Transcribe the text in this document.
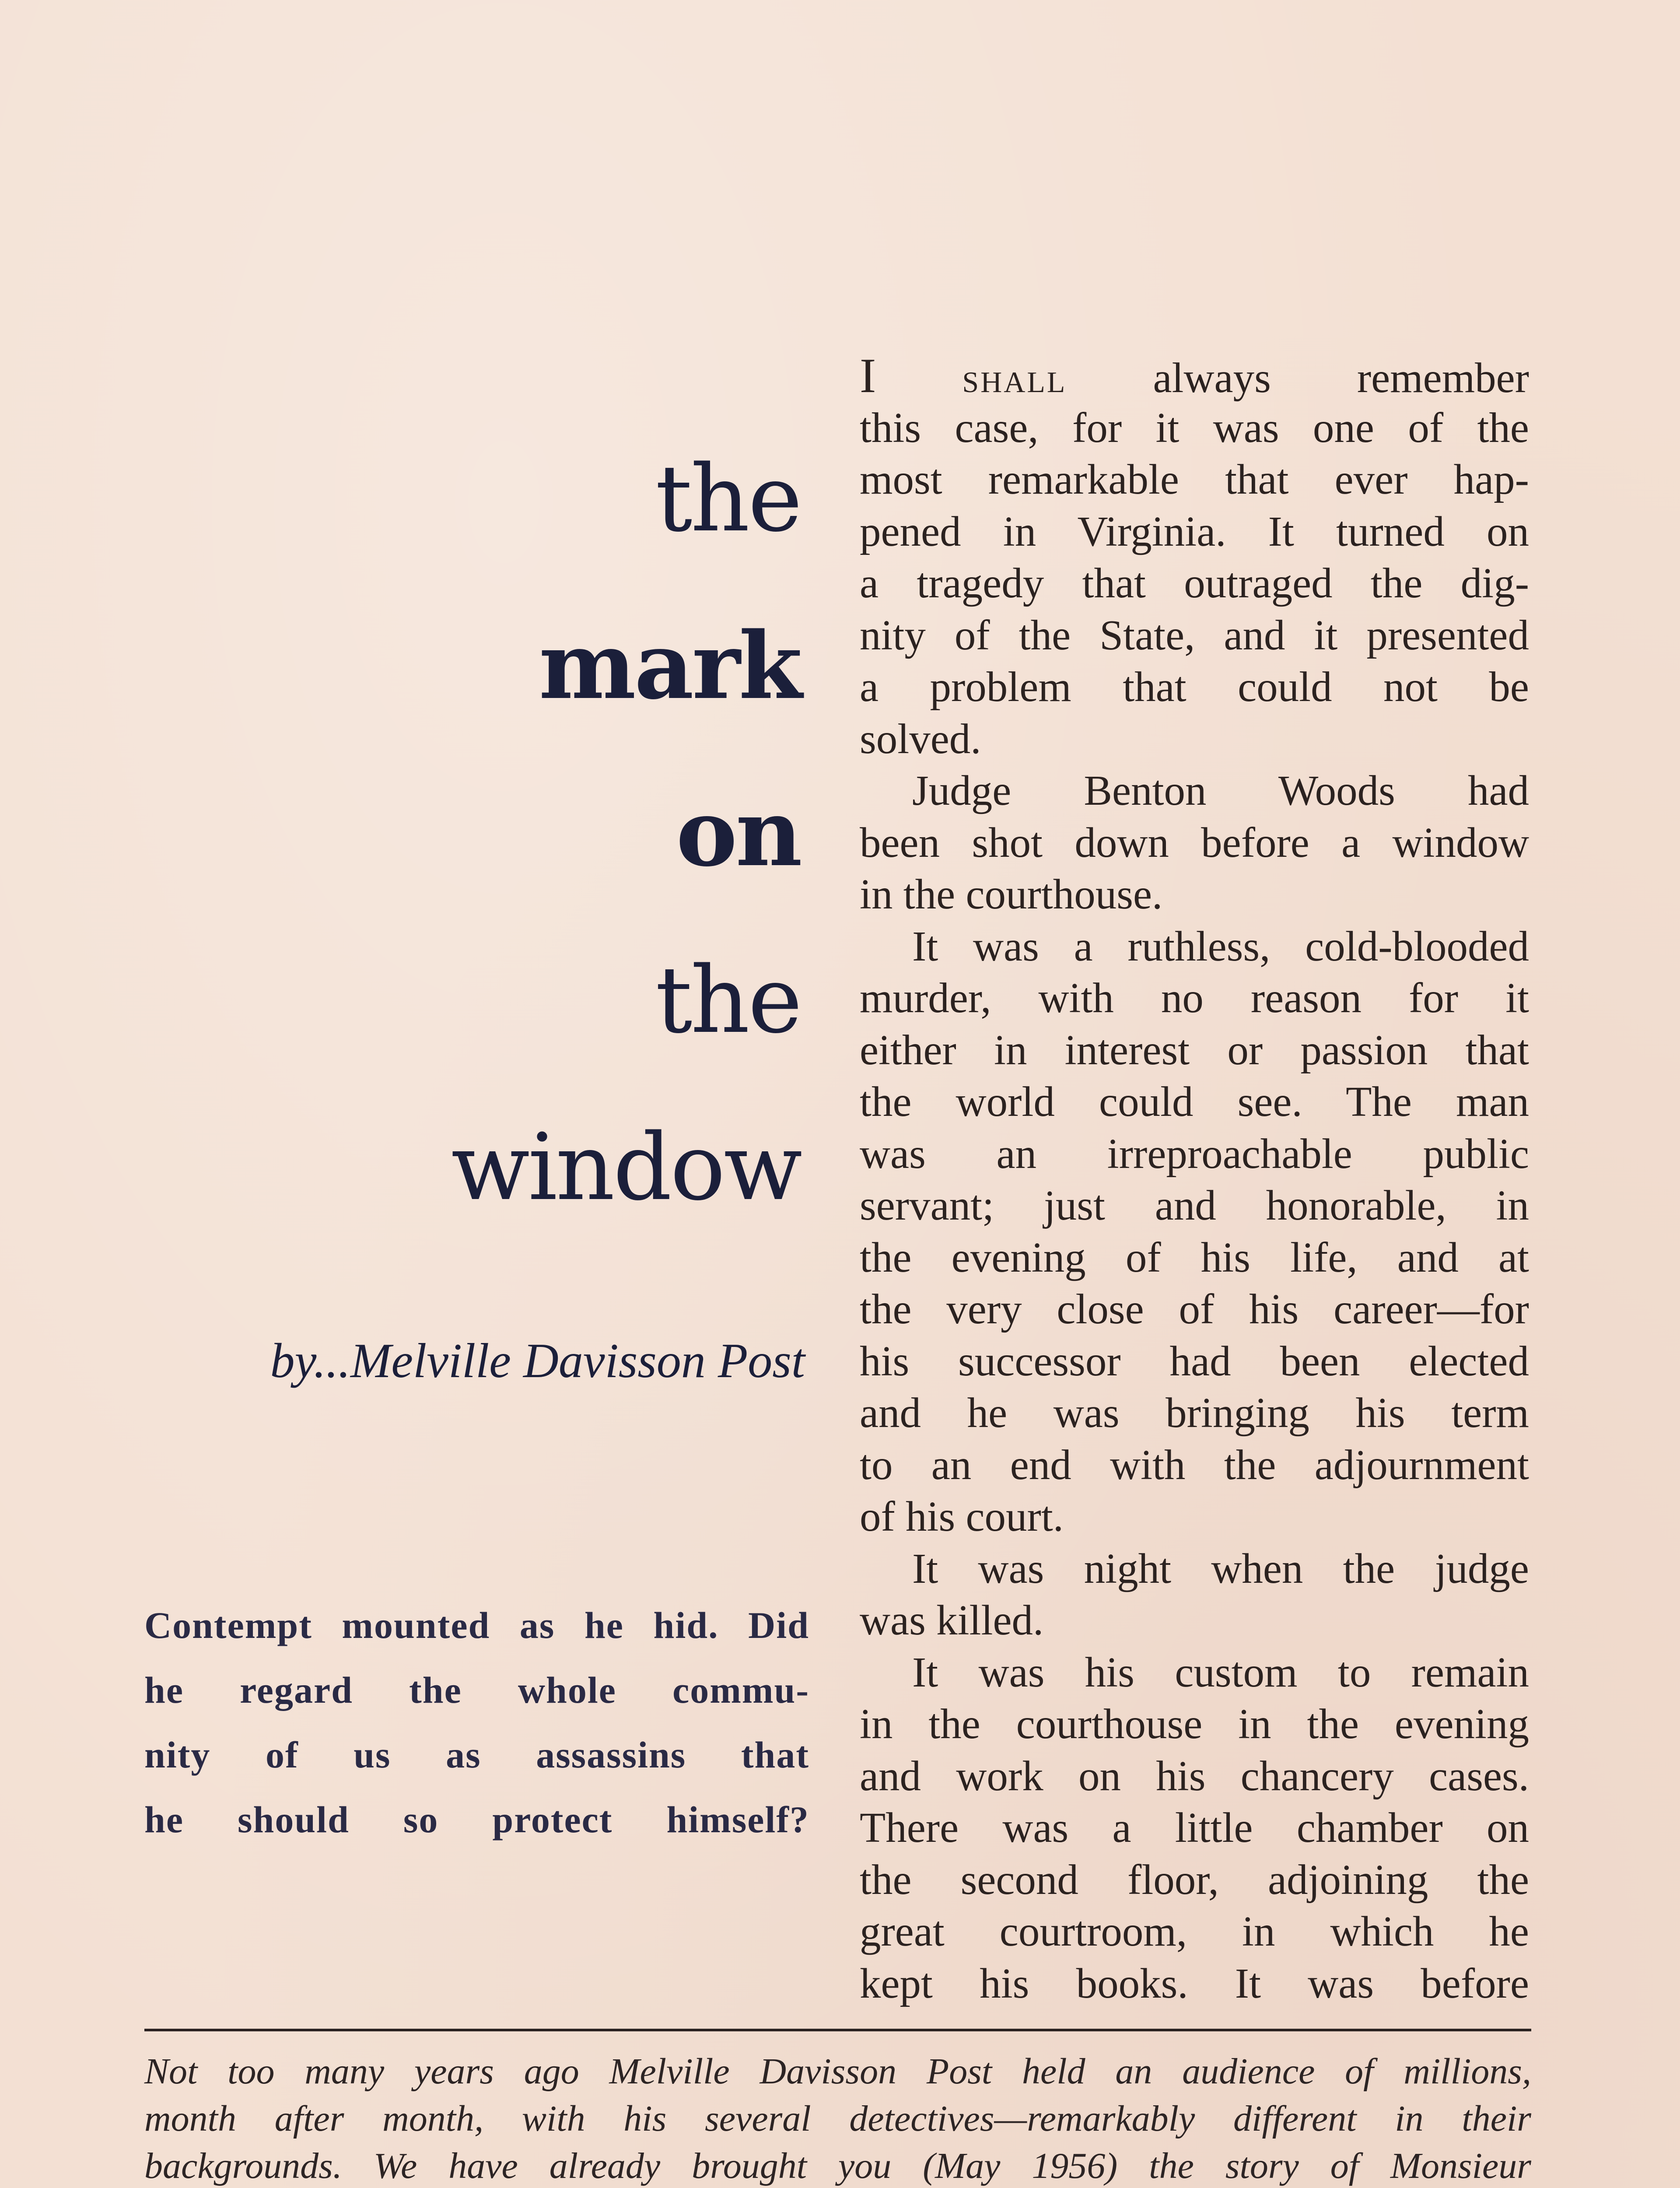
the
mark
on
the
window
by...Melville Davisson Post
Contempt mounted as he hid. Did
he regard the whole commu-
nity of us as assassins that
he should so protect himself?
I shall always remember
this case, for it was one of the
most remarkable that ever hap-
pened in Virginia. It turned on
a tragedy that outraged the dig-
nity of the State, and it presented
a problem that could not be
solved.
Judge Benton Woods had
been shot down before a window
in the courthouse.
It was a ruthless, cold-blooded
murder, with no reason for it
either in interest or passion that
the world could see. The man
was an irreproachable public
servant; just and honorable, in
the evening of his life, and at
the very close of his career—for
his successor had been elected
and he was bringing his term
to an end with the adjournment
of his court.
It was night when the judge
was killed.
It was his custom to remain
in the courthouse in the evening
and work on his chancery cases.
There was a little chamber on
the second floor, adjoining the
great courtroom, in which he
kept his books. It was before
Not too many years ago Melville Davisson Post held an audience of millions,
month after month, with his several detectives—remarkably different in their
backgrounds. We have already brought you (May 1956) the story of Monsieur
